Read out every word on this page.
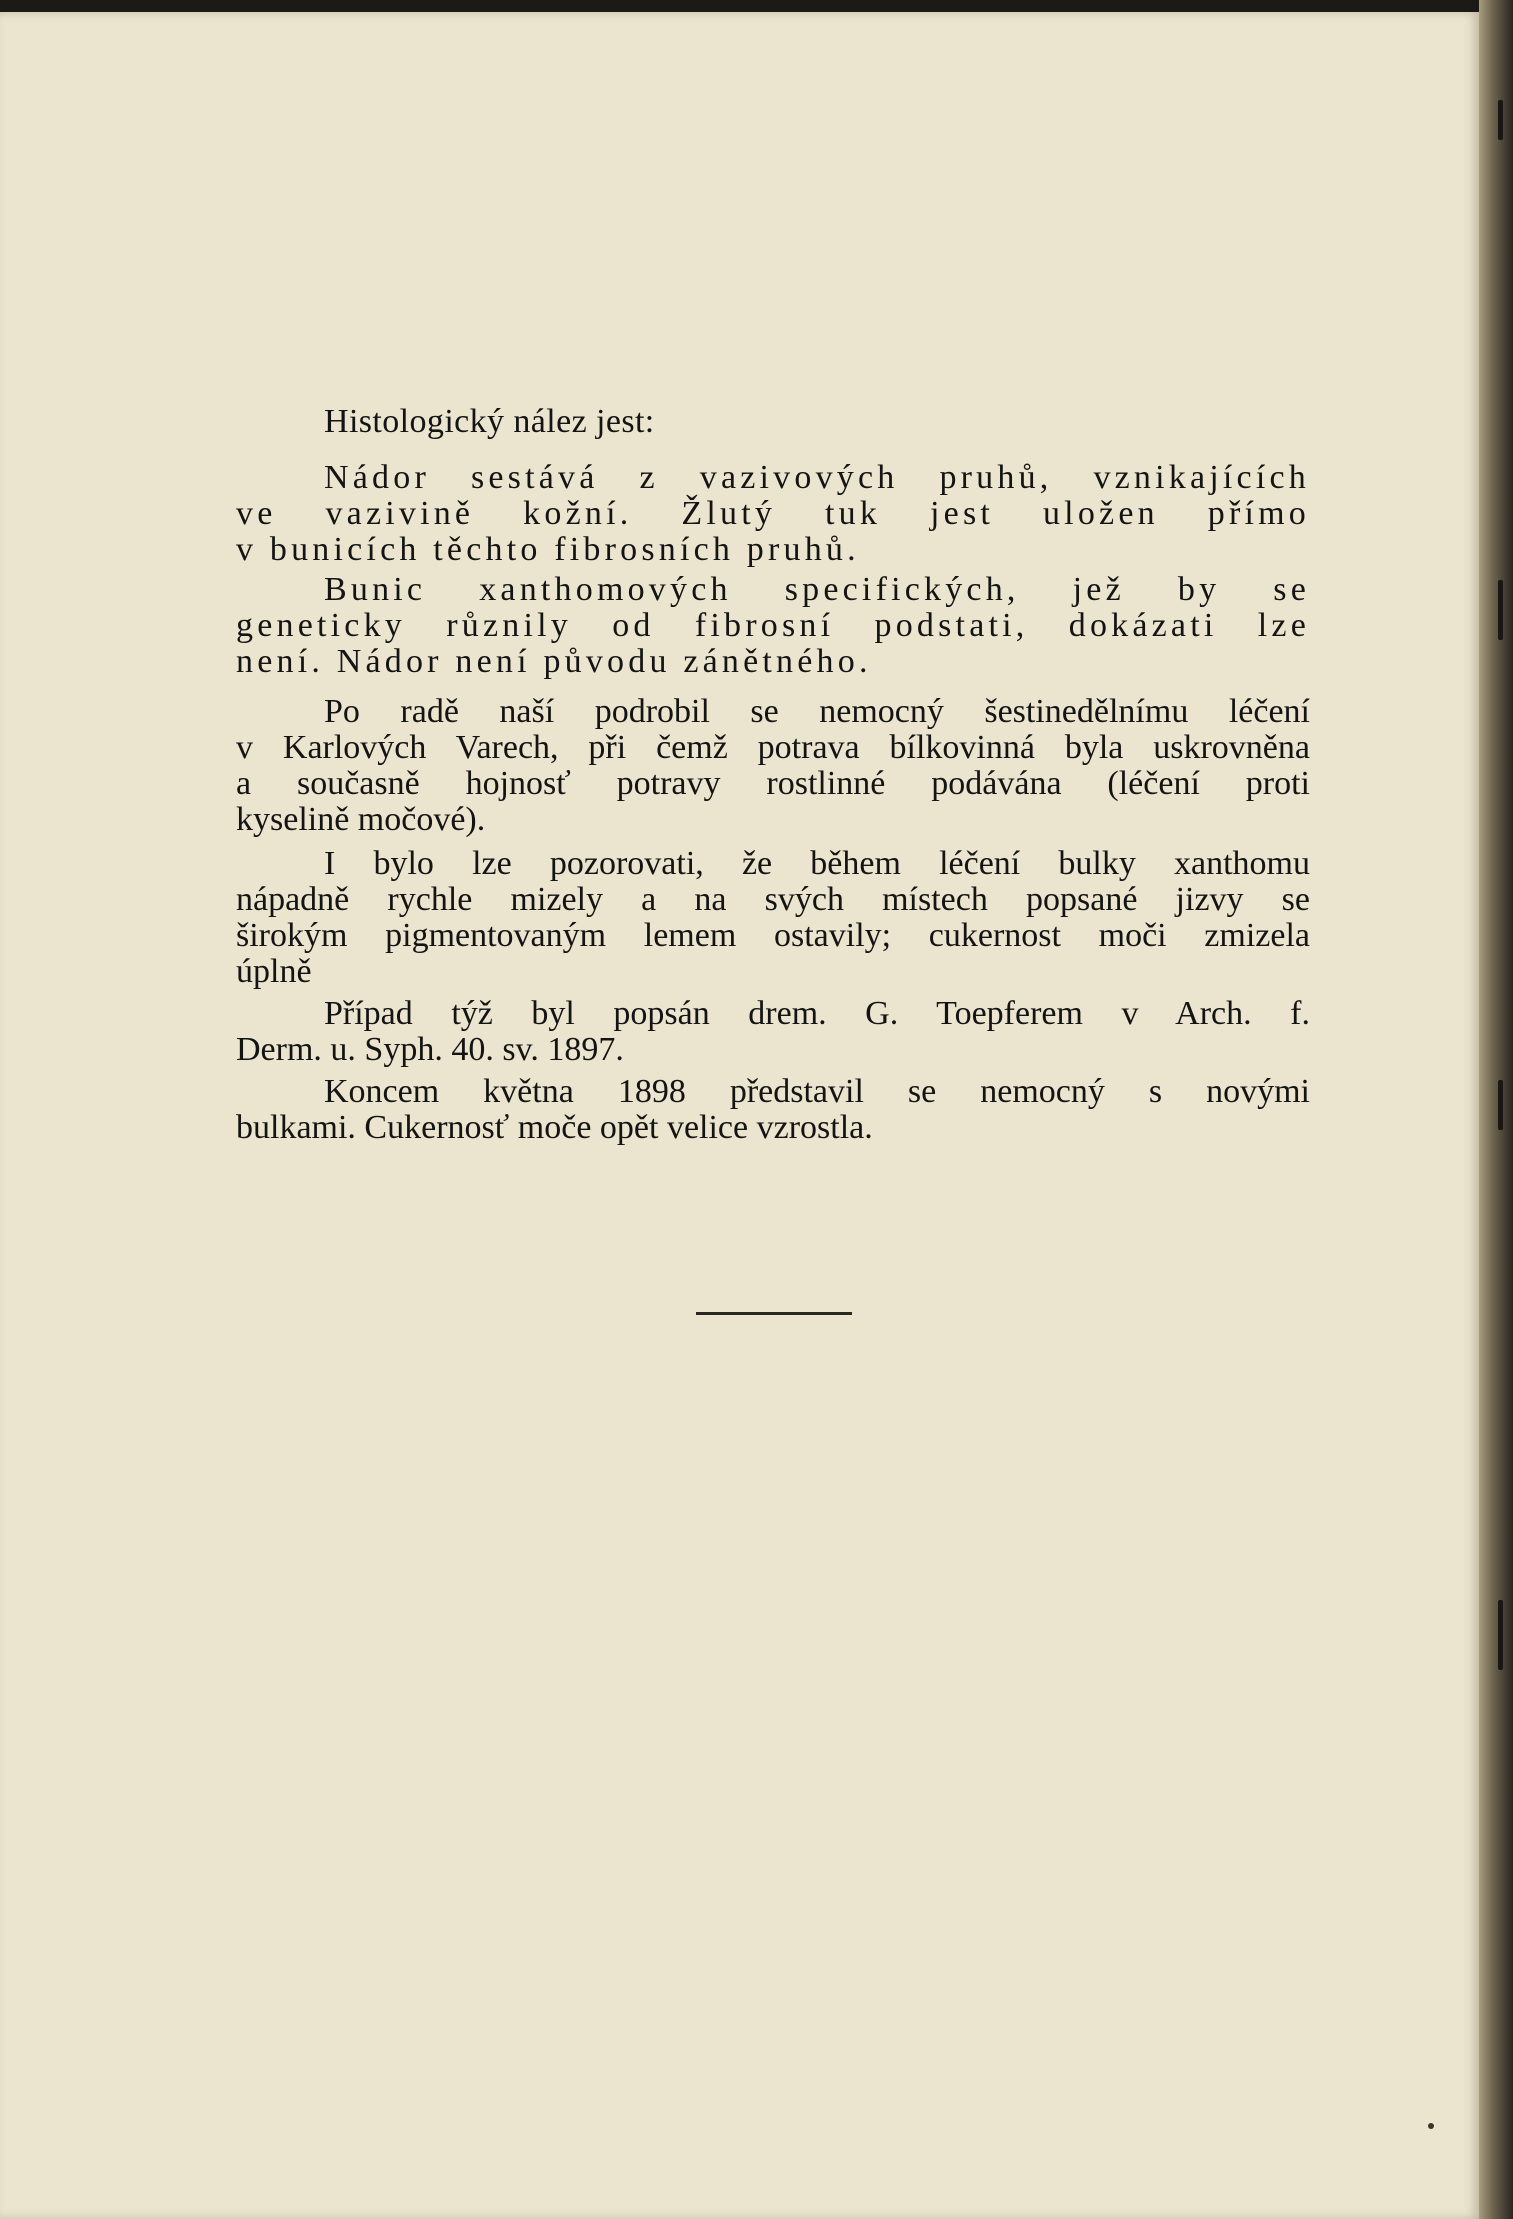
Histologický nález jest:
Nádor sestává z vazivových pruhů, vznikajících
ve vazivině kožní. Žlutý tuk jest uložen přímo
v bunicích těchto fibrosních pruhů.
Bunic xanthomových specifických, jež by se
geneticky různily od fibrosní podstati, dokázati lze
není. Nádor není původu zánětného.
Po radě naší podrobil se nemocný šestinedělnímu léčení
v Karlových Varech, při čemž potrava bílkovinná byla uskrovněna
a současně hojnosť potravy rostlinné podávána (léčení proti
kyselině močové).
I bylo lze pozorovati, že během léčení bulky xanthomu
nápadně rychle mizely a na svých místech popsané jizvy se
širokým pigmentovaným lemem ostavily; cukernost moči zmizela
úplně
Případ týž byl popsán drem. G. Toepferem v Arch. f.
Derm. u. Syph. 40. sv. 1897.
Koncem května 1898 představil se nemocný s novými
bulkami. Cukernosť moče opět velice vzrostla.
